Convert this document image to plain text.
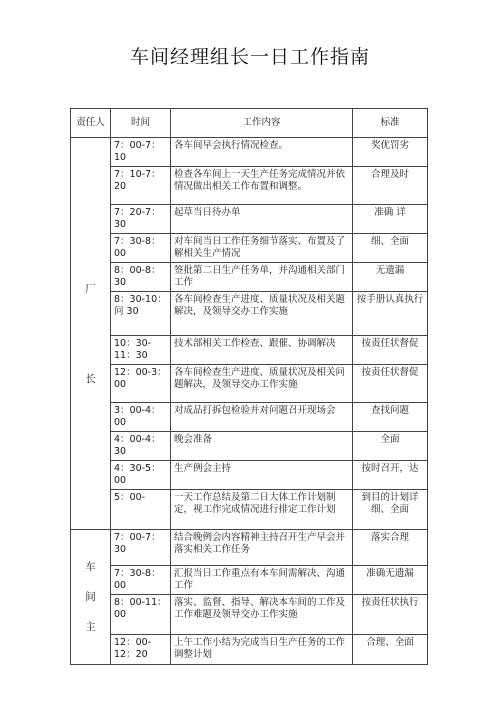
车间经理组长一日工作指南
责任人	时间	工作内容	标准

厂
长	7：00-7：10	各车间早会执行情况检查。	奖优罚劣
	7：10-7：20	检查各车间上一天生产任务完成情况并依情况做出相关工作布置和调整。	合理及时
	7：20-7：30	起草当日待办单	准确 详
	7：30-8：00	对车间当日工作任务细节落实、布置及了 解相关生产情况	细、全面
	8：00-8：30	签批第二日生产任务单，并沟通相关部门 工作	无遗漏
	8：30-10：问 30	各车间检查生产进度、质量状况及相关题解决，及领导交办工作实施	按手册认真执行
	10：30-11：30	技术部相关工作检查、跟催、协调解决	按责任状督促
	12：00-3：00	各车间检查生产进度、质量状况及相关问 题解决，及领导交办工作实施	按责任状督促
	3：00-4：00	对成品打拆包检验并对问题召开现场会	查找问题
	4：00-4：30	晚会准备	全面
	4：30-5：00	生产例会主持	按时召开，达
	5：00-	一天工作总结及第二日大体工作计划制定，视工作完成情况进行排定工作计划	到目的计划详细、全面

车
间
主	7：00-7：30	结合晚例会内容精神主持召开生产早会并落实相关工作任务	落实合理
	7：30-8：00	汇报当日工作重点有本车间需解决、沟通 工作	准确无遗漏
	8：00-11：00	落实、监督、指导、解决本车间的工作及工作难题及领导交办工作实施	按责任状执行
	12：00-12：20	上午工作小结为完成当日生产任务的工作调整计划	合理、全面
